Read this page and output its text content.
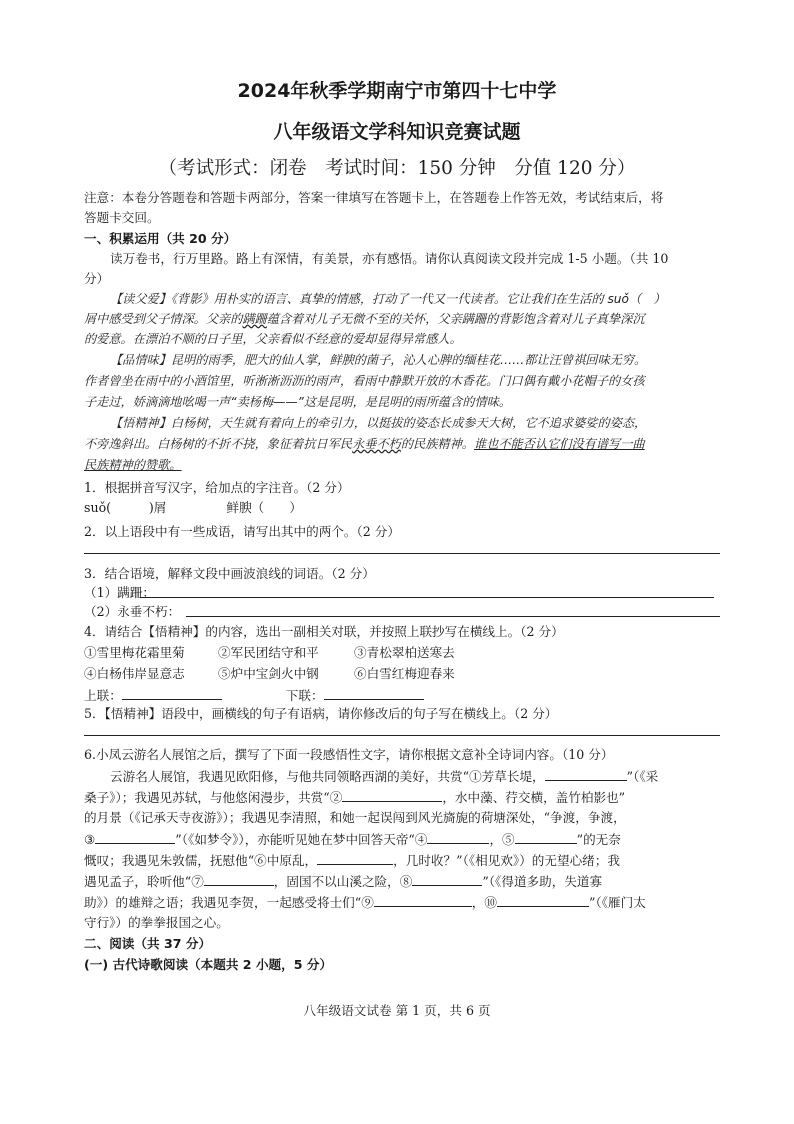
2024年秋季学期南宁市第四十七中学
八年级语文学科知识竞赛试题
（考试形式：闭卷　考试时间：150 分钟　分值 120 分）
注意：本卷分答题卷和答题卡两部分，答案一律填写在答题卡上，在答题卷上作答无效，考试结束后，将
答题卡交回。
一、积累运用（共 20 分）
读万卷书，行万里路。路上有深情，有美景，亦有感悟。请你认真阅读文段并完成 1-5 小题。（共 10
分）
【读父爱】《背影》用朴实的语言、真挚的情感，打动了一代又一代读者。它让我们在生活的 suǒ（　）
屑中感受到父子情深。父亲的蹒跚蕴含着对儿子无微不至的关怀，父亲蹒跚的背影饱含着对儿子真挚深沉
的爱意。在漂泊不顺的日子里，父亲看似不经意的爱却显得异常感人。
【品情味】昆明的雨季，肥大的仙人掌，鲜腴的菌子，沁人心脾的缅桂花……都让汪曾祺回味无穷。
作者曾坐在雨中的小酒馆里，听淅淅沥沥的雨声，看雨中静默开放的木香花。门口偶有戴小花帽子的女孩
子走过，娇滴滴地吆喝一声“卖杨梅——”这是昆明，是昆明的雨所蕴含的情味。
【悟精神】白杨树，天生就有着向上的牵引力，以挺拔的姿态长成参天大树，它不追求婆娑的姿态，
不旁逸斜出。白杨树的不折不挠，象征着抗日军民永垂不朽的民族精神。谁也不能否认它们没有谱写一曲
民族精神的赞歌。
1．根据拼音写汉字，给加点的字注音。（2 分）
suǒ(　　　)屑	鲜腴（　　）
2．以上语段中有一些成语，请写出其中的两个。（2 分）
3．结合语境，解释文段中画波浪线的词语。（2 分）
（1）蹒跚：
（2）永垂不朽：
4．请结合【悟精神】的内容，选出一副相关对联，并按照上联抄写在横线上。（2 分）
①雪里梅花霜里菊	②军民团结守和平	③青松翠柏送寒去
④白杨伟岸显意志	⑤炉中宝剑火中钢	⑥白雪红梅迎春来
上联：	下联：
5．【悟精神】语段中，画横线的句子有语病，请你修改后的句子写在横线上。（2 分）
6.小凤云游名人展馆之后，撰写了下面一段感悟性文字，请你根据文意补全诗词内容。（10 分）
云游名人展馆，我遇见欧阳修，与他共同领略西湖的美好，共赏“①芳草长堤，	”（《采
桑子》）；我遇见苏轼，与他悠闲漫步，共赏“②	，水中藻、荇交横，盖竹柏影也”
的月景（《记承天寺夜游》）；我遇见李清照，和她一起误闯到风光旖旎的荷塘深处，“争渡，争渡，
③	”（《如梦令》），亦能听见她在梦中回答天帝“④	，⑤	”的无奈
慨叹；我遇见朱敦儒，抚慰他“⑥中原乱，	，几时收？”（《相见欢》）的无望心绪；我
遇见孟子，聆听他“⑦	，固国不以山溪之险，⑧	”（《得道多助，失道寡
助》）的雄辩之语；我遇见李贺，一起感受将士们“⑨	，⑩	”（《雁门太
守行》）的拳拳报国之心。
二、阅读（共 37 分）
(一) 古代诗歌阅读（本题共 2 小题，5 分）
八年级语文试卷 第 1 页，共 6 页
